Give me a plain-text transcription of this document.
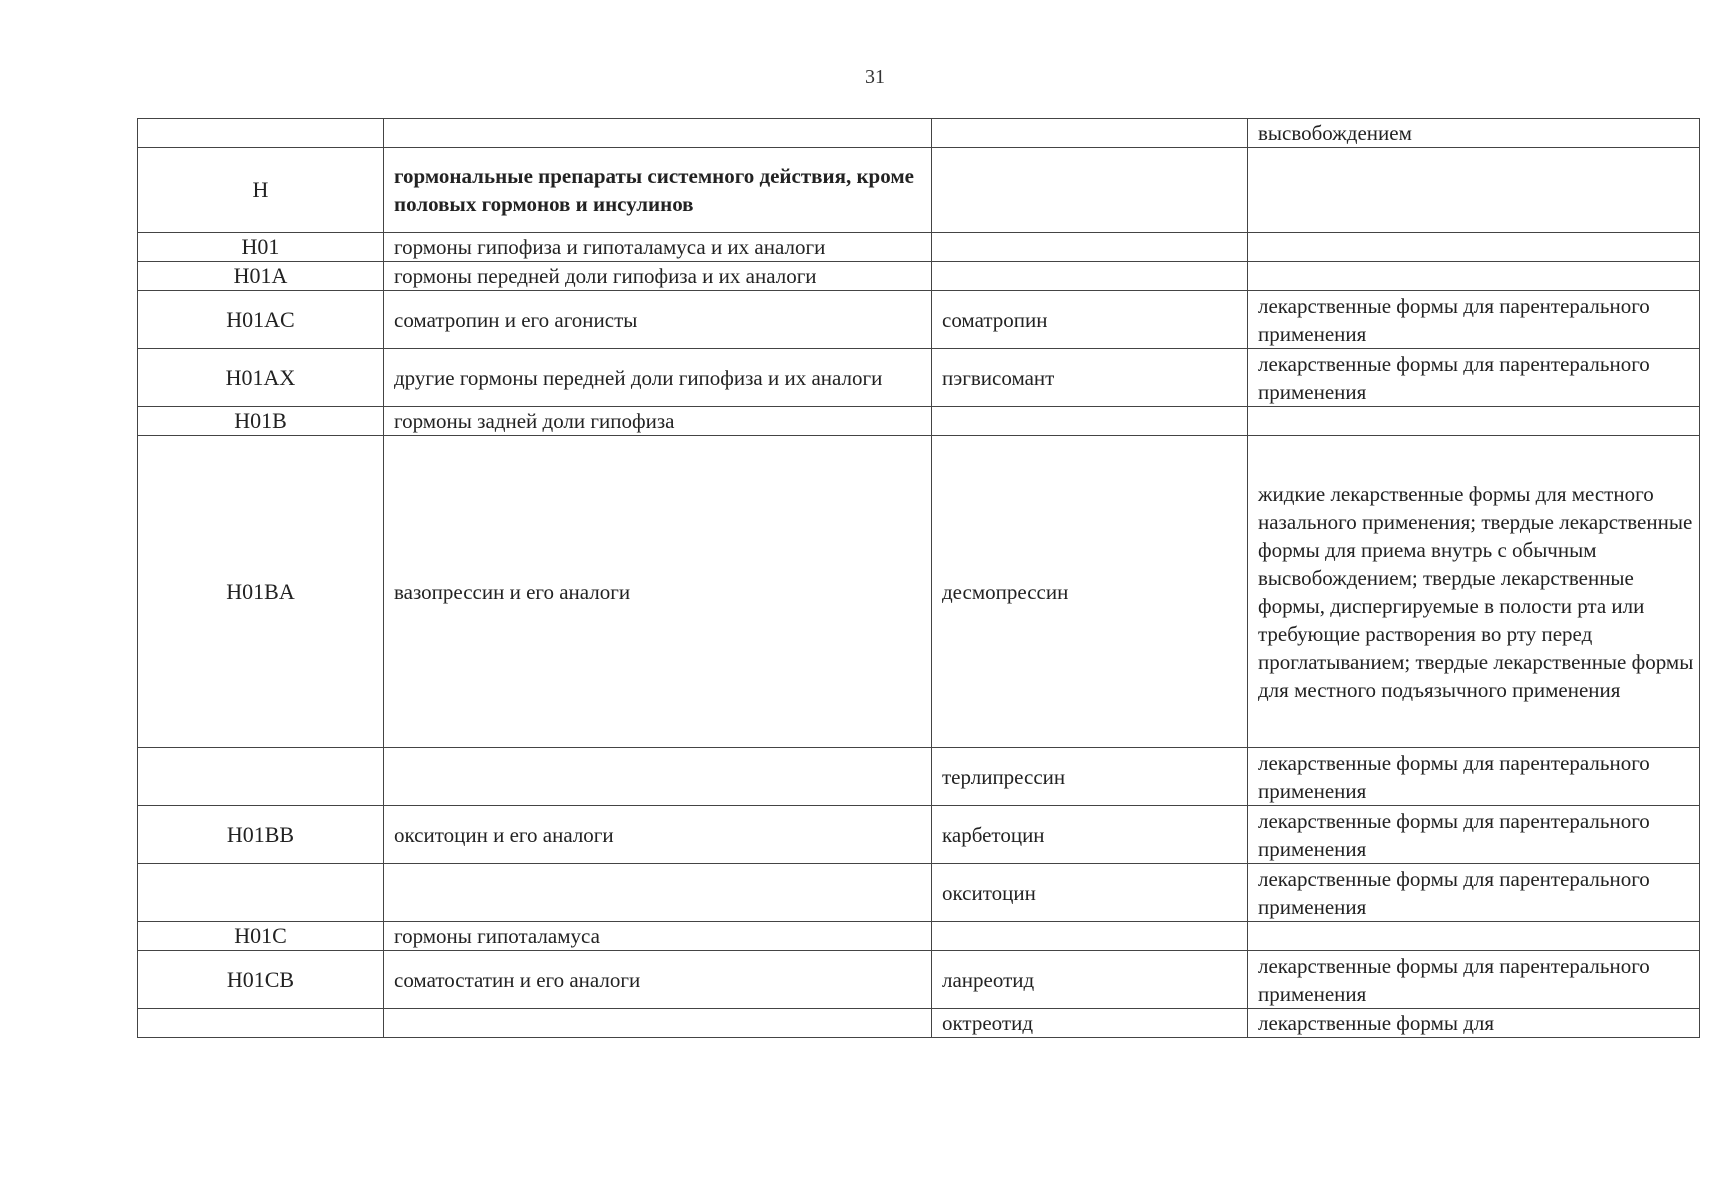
31
			высвобождением
H	гормональные препараты системного действия, кроме половых гормонов и инсулинов		
H01	гормоны гипофиза и гипоталамуса и их аналоги		
H01A	гормоны передней доли гипофиза и их аналоги		
H01AC	соматропин и его агонисты	соматропин	лекарственные формы для парентерального применения
H01AX	другие гормоны передней доли гипофиза и их аналоги	пэгвисомант	лекарственные формы для парентерального применения
H01B	гормоны задней доли гипофиза		
H01BA	вазопрессин и его аналоги	десмопрессин	жидкие лекарственные формы для местного назального применения; твердые лекарственные формы для приема внутрь с обычным высвобождением; твердые лекарственные формы, диспергируемые в полости рта или требующие растворения во рту перед проглатыванием; твердые лекарственные формы для местного подъязычного применения
		терлипрессин	лекарственные формы для парентерального применения
H01BB	окситоцин и его аналоги	карбетоцин	лекарственные формы для парентерального применения
		окситоцин	лекарственные формы для парентерального применения
H01C	гормоны гипоталамуса		
H01CB	соматостатин и его аналоги	ланреотид	лекарственные формы для парентерального применения
		октреотид	лекарственные формы для
